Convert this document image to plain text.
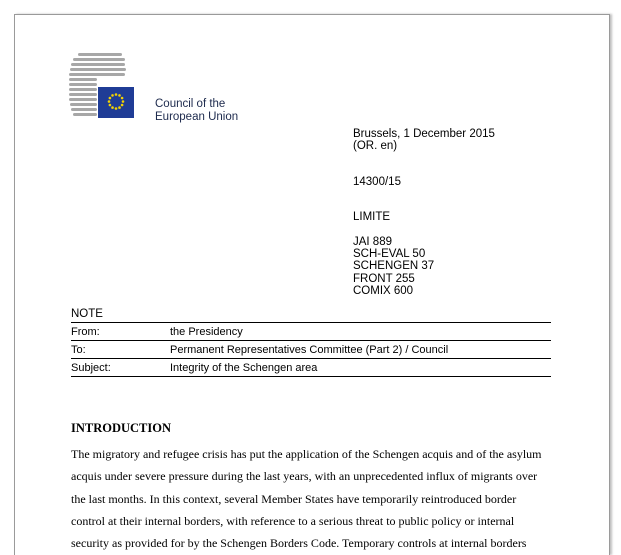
Council of the
European Union
Brussels, 1 December 2015
(OR. en)
14300/15
LIMITE
JAI 889
SCH-EVAL 50
SCHENGEN 37
FRONT 255
COMIX 600
NOTE
From:	the Presidency
To:	Permanent Representatives Committee (Part 2) / Council
Subject:	Integrity of the Schengen area
INTRODUCTION
The migratory and refugee crisis has put the application of the Schengen acquis and of the asylum
acquis under severe pressure during the last years, with an unprecedented influx of migrants over
the last months. In this context, several Member States have temporarily reintroduced border
control at their internal borders, with reference to a serious threat to public policy or internal
security as provided for by the Schengen Borders Code. Temporary controls at internal borders
